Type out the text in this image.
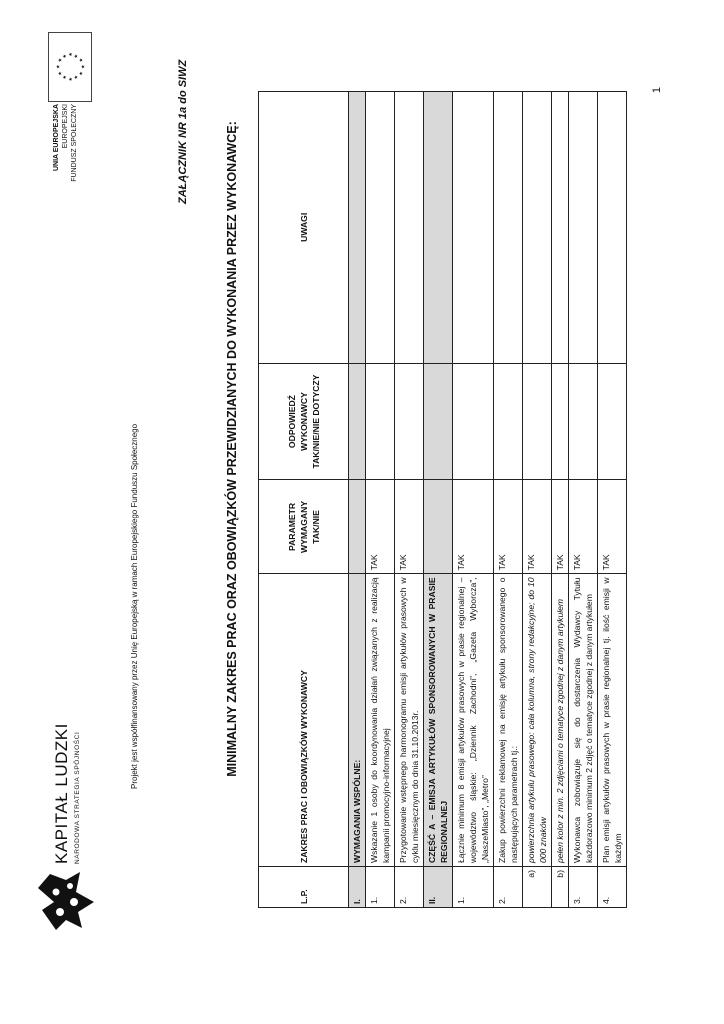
1
KAPITAŁ LUDZKI NARODOWA STRATEGIA SPÓJNOŚCI
Projekt jest współfinansowany przez Unię Europejską w ramach Europejskiego Funduszu Społecznego
UNIA EUROPEJSKA EUROPEJSKI FUNDUSZ SPOŁECZNY
★
★
★ ★ ★
★
★
★
★
★
★
★	ZAŁĄCZNIK NR 1a do SIWZ	MINIMALNY ZAKRES PRAC ORAZ OBOWIĄZKÓW PRZEWIDZIANYCH DO WYKONANIA PRZEZ WYKONAWCĘ:
L.P.	ZAKRES PRAC I OBOWIĄZKÓW WYKONAWCY	PARAMETR WYMAGANY TAK/NIE	ODPOWIEDŹ WYKONAWCY TAK/NIE/NIE DOTYCZY	UWAGI
I.	WYMAGANIA WSPÓLNE:			
1.	Wskazanie 1 osoby do koordynowania działań związanych z realizacją kampanii promocyjno-informacyjnej	TAK		
2.	Przygotowanie wstępnego harmonogramu emisji artykułów prasowych w cyklu miesięcznym do dnia 31.10.2013r.	TAK		
II.	CZĘŚĆ A – EMISJA ARTYKUŁÓW SPONSOROWANYCH W PRASIE REGIONALNEJ			
1.	Łącznie minimum 8 emisji artykułów prasowych w prasie regionalnej – województwo śląskie: „Dziennik Zachodni”, „Gazeta Wyborcza”, „NaszeMiasto”, „Metro”	TAK		
2.	Zakup powierzchni reklamowej na emisję artykułu sponsorowanego o następujących parametrach tj.:	TAK		
a)	powierzchnia artykułu prasowego: cała kolumna, strony redakcyjne; do 10 000 znaków	TAK		
b)	pełen kolor z min. 2 zdjęciami o tematyce zgodnej z danym artykułem	TAK		
3.	Wykonawca zobowiązuje się do dostarczenia Wydawcy Tytułu każdorazowo minimum 2 zdjęć o tematyce zgodnej z danym artykułem	TAK		
4.	Plan emisji artykułów prasowych w prasie regionalnej tj. ilość emisji w każdym	TAK		
